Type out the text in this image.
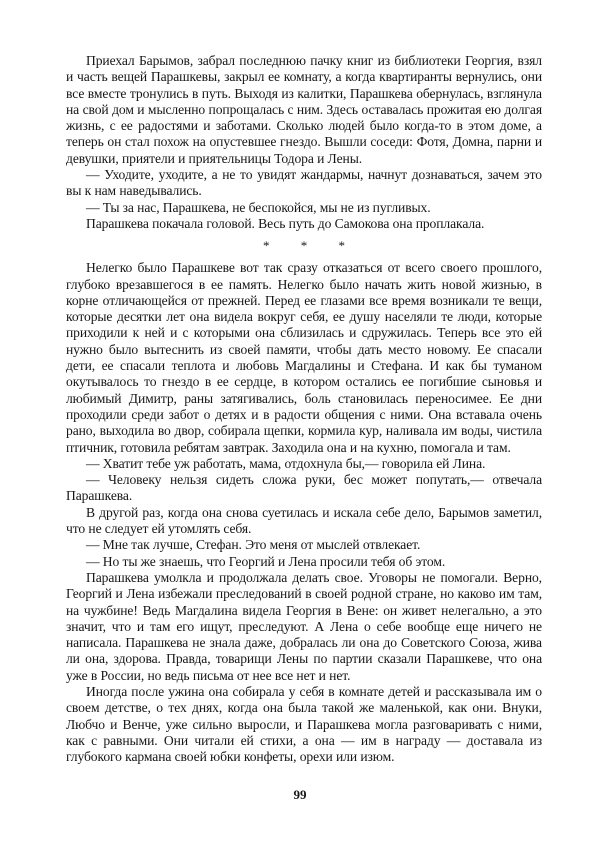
Приехал Барымов, забрал последнюю пачку книг из библиотеки Георгия, взял и часть вещей Парашкевы, закрыл ее комнату, а когда квартиранты вернулись, они все вместе тронулись в путь. Выходя из калитки, Парашкева обернулась, взглянула на свой дом и мысленно попрощалась с ним. Здесь оставалась прожитая ею долгая жизнь, с ее радостями и заботами. Сколько людей было когда-то в этом доме, а теперь он стал похож на опустевшее гнездо. Вышли соседи: Фотя, Домна, парни и девушки, приятели и приятельницы Тодора и Лены.

— Уходите, уходите, а не то увидят жандармы, начнут дознаваться, зачем это вы к нам наведывались.

— Ты за нас, Парашкева, не беспокойся, мы не из пугливых.

Парашкева покачала головой. Весь путь до Самокова она проплакала.

* * *

Нелегко было Парашкеве вот так сразу отказаться от всего своего прошлого, глубоко врезавшегося в ее память. Нелегко было начать жить новой жизнью, в корне отличающейся от прежней. Перед ее глазами все время возникали те вещи, которые десятки лет она видела вокруг себя, ее душу населяли те люди, которые приходили к ней и с которыми она сблизилась и сдружилась. Теперь все это ей нужно было вытеснить из своей памяти, чтобы дать место новому. Ее спасали дети, ее спасали теплота и любовь Магдалины и Стефана. И как бы туманом окутывалось то гнездо в ее сердце, в котором остались ее погибшие сыновья и любимый Димитр, раны затягивались, боль становилась переносимее. Ее дни проходили среди забот о детях и в радости общения с ними. Она вставала очень рано, выходила во двор, собирала щепки, кормила кур, наливала им воды, чистила птичник, готовила ребятам завтрак. Заходила она и на кухню, помогала и там.

— Хватит тебе уж работать, мама, отдохнула бы,— говорила ей Лина.

— Человеку нельзя сидеть сложа руки, бес может попутать,— отвечала Парашкева.

В другой раз, когда она снова суетилась и искала себе дело, Барымов заметил, что не следует ей утомлять себя.

— Мне так лучше, Стефан. Это меня от мыслей отвлекает.

— Но ты же знаешь, что Георгий и Лена просили тебя об этом.

Парашкева умолкла и продолжала делать свое. Уговоры не помогали. Верно, Георгий и Лена избежали преследований в своей родной стране, но каково им там, на чужбине! Ведь Магдалина видела Георгия в Вене: он живет нелегально, а это значит, что и там его ищут, преследуют. А Лена о себе вообще еще ничего не написала. Парашкева не знала даже, добралась ли она до Советского Союза, жива ли она, здорова. Правда, товарищи Лены по партии сказали Парашкеве, что она уже в России, но ведь письма от нее все нет и нет.

Иногда после ужина она собирала у себя в комнате детей и рассказывала им о своем детстве, о тех днях, когда она была такой же маленькой, как они. Внуки, Любчо и Венче, уже сильно выросли, и Парашкева могла разговаривать с ними, как с равными. Они читали ей стихи, а она — им в награду — доставала из глубокого кармана своей юбки конфеты, орехи или изюм.

99
